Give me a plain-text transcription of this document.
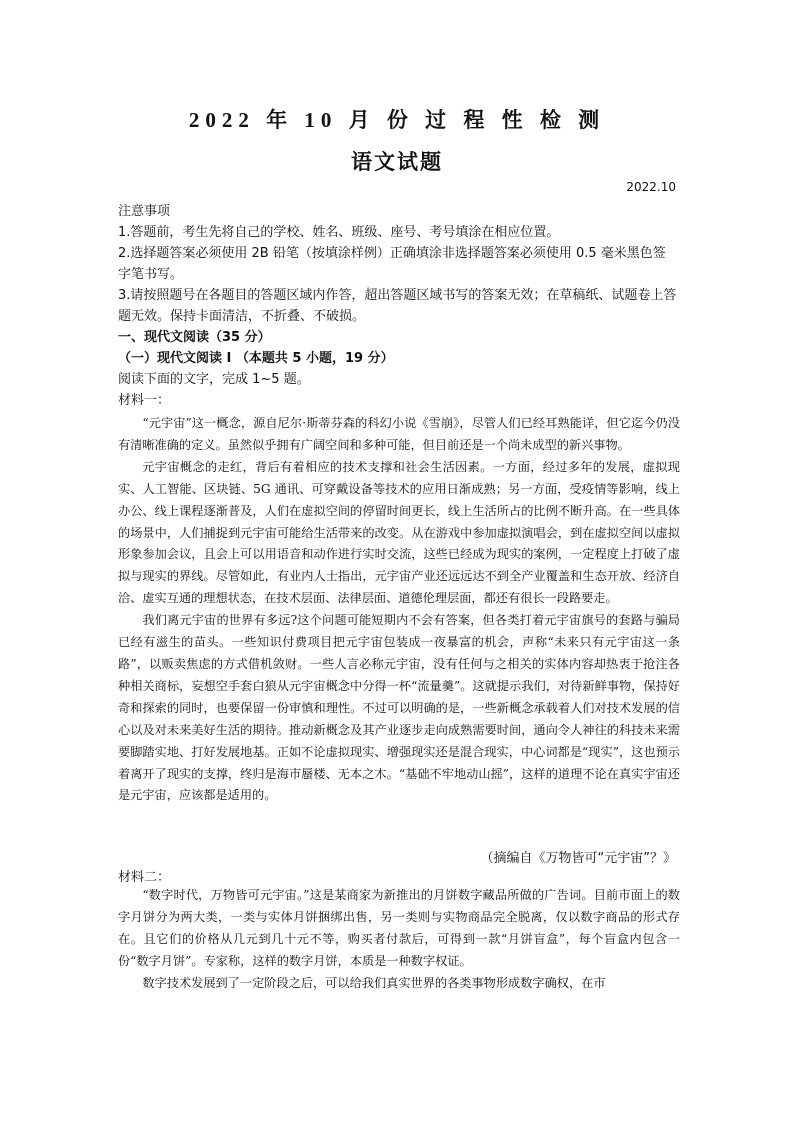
2022 年 10 月 份 过 程 性 检 测
语文试题
2022.10

注意事项

1.答题前，考生先将自己的学校、姓名、班级、座号、考号填涂在相应位置。

2.选择题答案必须使用 2B 铅笔（按填涂样例）正确填涂非选择题答案必须使用 0.5 毫米黑色签字笔书写。

3.请按照题号在各题目的答题区域内作答，超出答题区域书写的答案无效；在草稿纸、试题卷上答题无效。保持卡面清洁，不折叠、不破损。

一、现代文阅读（35 分）

（一）现代文阅读 I （本题共 5 小题，19 分）

阅读下面的文字，完成 1~5 题。

材料一：

“元宇宙”这一概念，源自尼尔·斯蒂芬森的科幻小说《雪崩》，尽管人们已经耳熟能详，但它迄今仍没有清晰准确的定义。虽然似乎拥有广阔空间和多种可能，但目前还是一个尚未成型的新兴事物。

元宇宙概念的走红，背后有着相应的技术支撑和社会生活因素。一方面，经过多年的发展，虚拟现实、人工智能、区块链、5G 通讯、可穿戴设备等技术的应用日渐成熟；另一方面，受疫情等影响，线上办公、线上课程逐渐普及，人们在虚拟空间的停留时间更长，线上生活所占的比例不断升高。在一些具体的场景中，人们捕捉到元宇宙可能给生活带来的改变。从在游戏中参加虚拟演唱会，到在虚拟空间以虚拟形象参加会议，且会上可以用语音和动作进行实时交流，这些已经成为现实的案例，一定程度上打破了虚拟与现实的界线。尽管如此，有业内人士指出，元宇宙产业还远远达不到全产业覆盖和生态开放、经济自洽、虚实互通的理想状态，在技术层面、法律层面、道德伦理层面，都还有很长一段路要走。

我们离元宇宙的世界有多远?这个问题可能短期内不会有答案，但各类打着元宇宙旗号的套路与骗局已经有滋生的苗头。一些知识付费项目把元宇宙包装成一夜暴富的机会，声称“未来只有元宇宙这一条路”，以贩卖焦虑的方式借机敛财。一些人言必称元宇宙，没有任何与之相关的实体内容却热衷于抢注各种相关商标，妄想空手套白狼从元宇宙概念中分得一杯“流量羹”。这就提示我们，对待新鲜事物，保持好奇和探索的同时，也要保留一份审慎和理性。不过可以明确的是，一些新概念承载着人们对技术发展的信心以及对未来美好生活的期待。推动新概念及其产业逐步走向成熟需要时间，通向令人神往的科技未来需要脚踏实地、打好发展地基。正如不论虚拟现实、增强现实还是混合现实，中心词都是“现实”，这也预示着离开了现实的支撑，终归是海市蜃楼、无本之木。“基础不牢地动山摇”，这样的道理不论在真实宇宙还是元宇宙，应该都是适用的。

（摘编自《万物皆可“元宇宙”？》
材料二：

“数字时代，万物皆可元宇宙。”这是某商家为新推出的月饼数字藏品所做的广告词。目前市面上的数字月饼分为两大类，一类与实体月饼捆绑出售，另一类则与实物商品完全脱离，仅以数字商品的形式存在。且它们的价格从几元到几十元不等，购买者付款后，可得到一款“月饼盲盒”，每个盲盒内包含一份“数字月饼”。专家称，这样的数字月饼，本质是一种数字权证。

数字技术发展到了一定阶段之后，可以给我们真实世界的各类事物形成数字确权，在市
